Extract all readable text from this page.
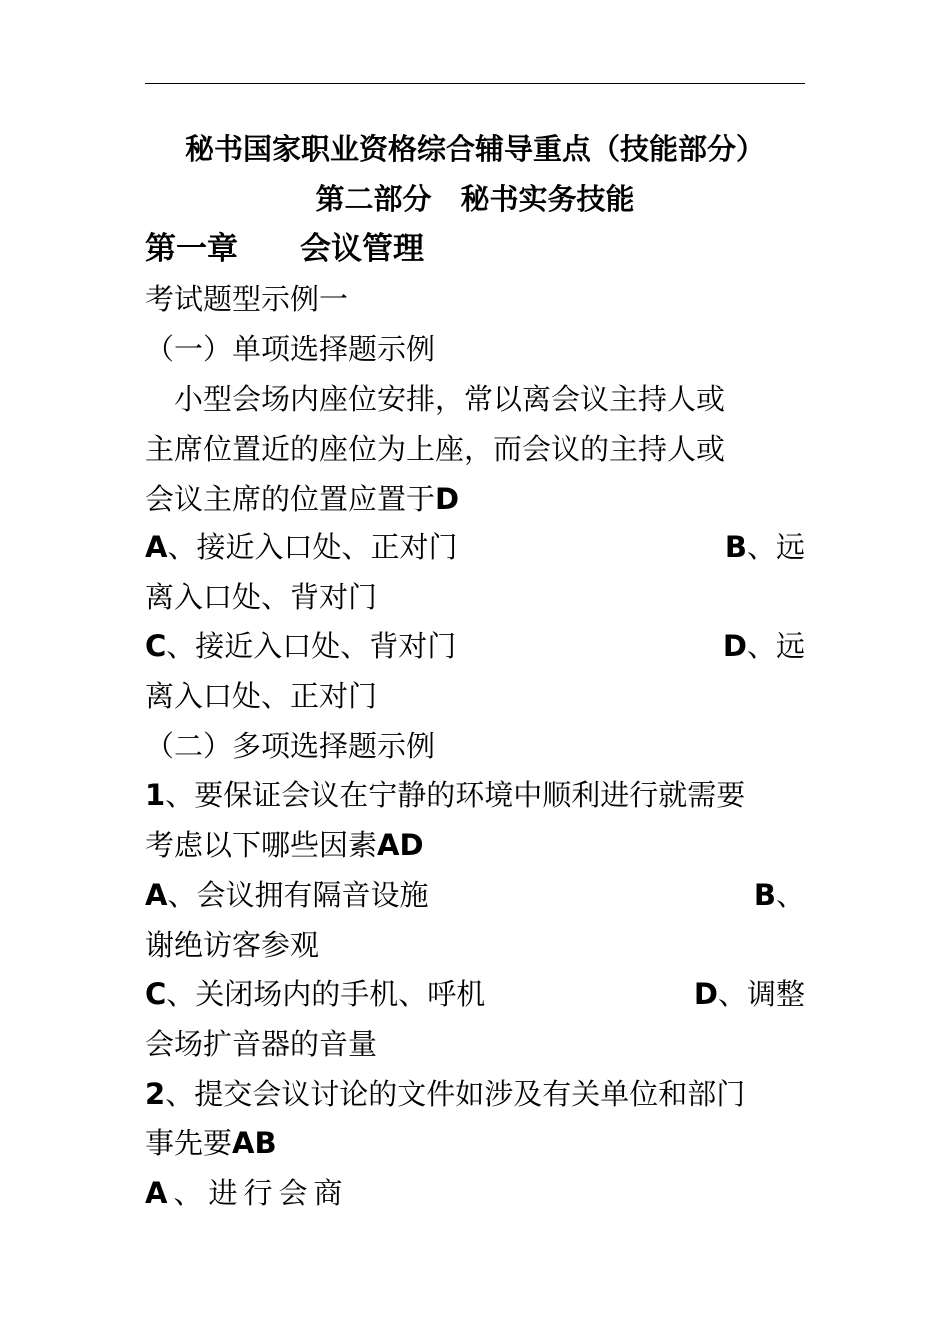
秘书国家职业资格综合辅导重点（技能部分）
第二部分　秘书实务技能
第一章　　会议管理
考试题型示例一
（一）单项选择题示例
　小型会场内座位安排，常以离会议主持人或
主席位置近的座位为上座，而会议的主持人或
会议主席的位置应置于D
A、接近入口处、正对门	B、远
离入口处、背对门
C、接近入口处、背对门	D、远
离入口处、正对门
（二）多项选择题示例
1、要保证会议在宁静的环境中顺利进行就需要
考虑以下哪些因素AD
A、会议拥有隔音设施	B、
谢绝访客参观
C、关闭场内的手机、呼机	D、调整
会场扩音器的音量
2、提交会议讨论的文件如涉及有关单位和部门
事先要AB
A、进行会商
